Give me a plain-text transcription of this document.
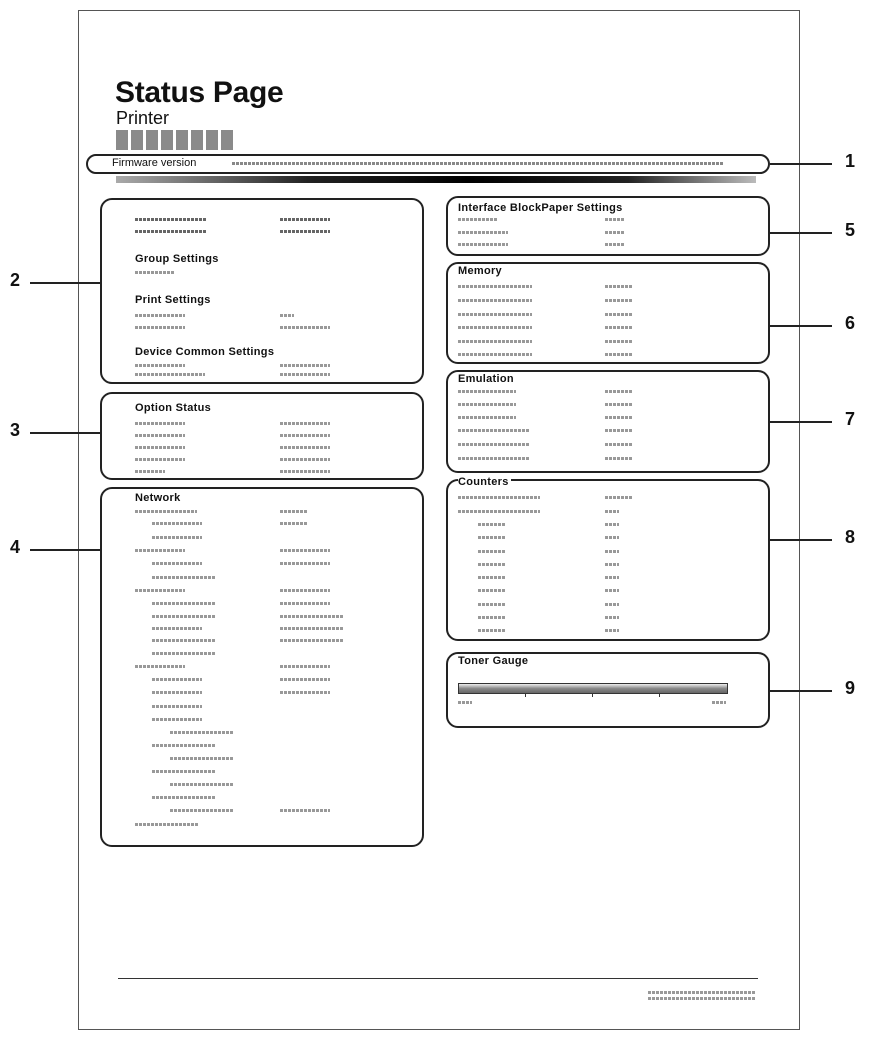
Status Page
Printer
Firmware version
Group Settings
Print Settings
Device Common Settings
Option Status
Network
Interface BlockPaper Settings
Memory
Emulation
Counters
Toner Gauge
1
2
3
4
5
6
7
8
9
